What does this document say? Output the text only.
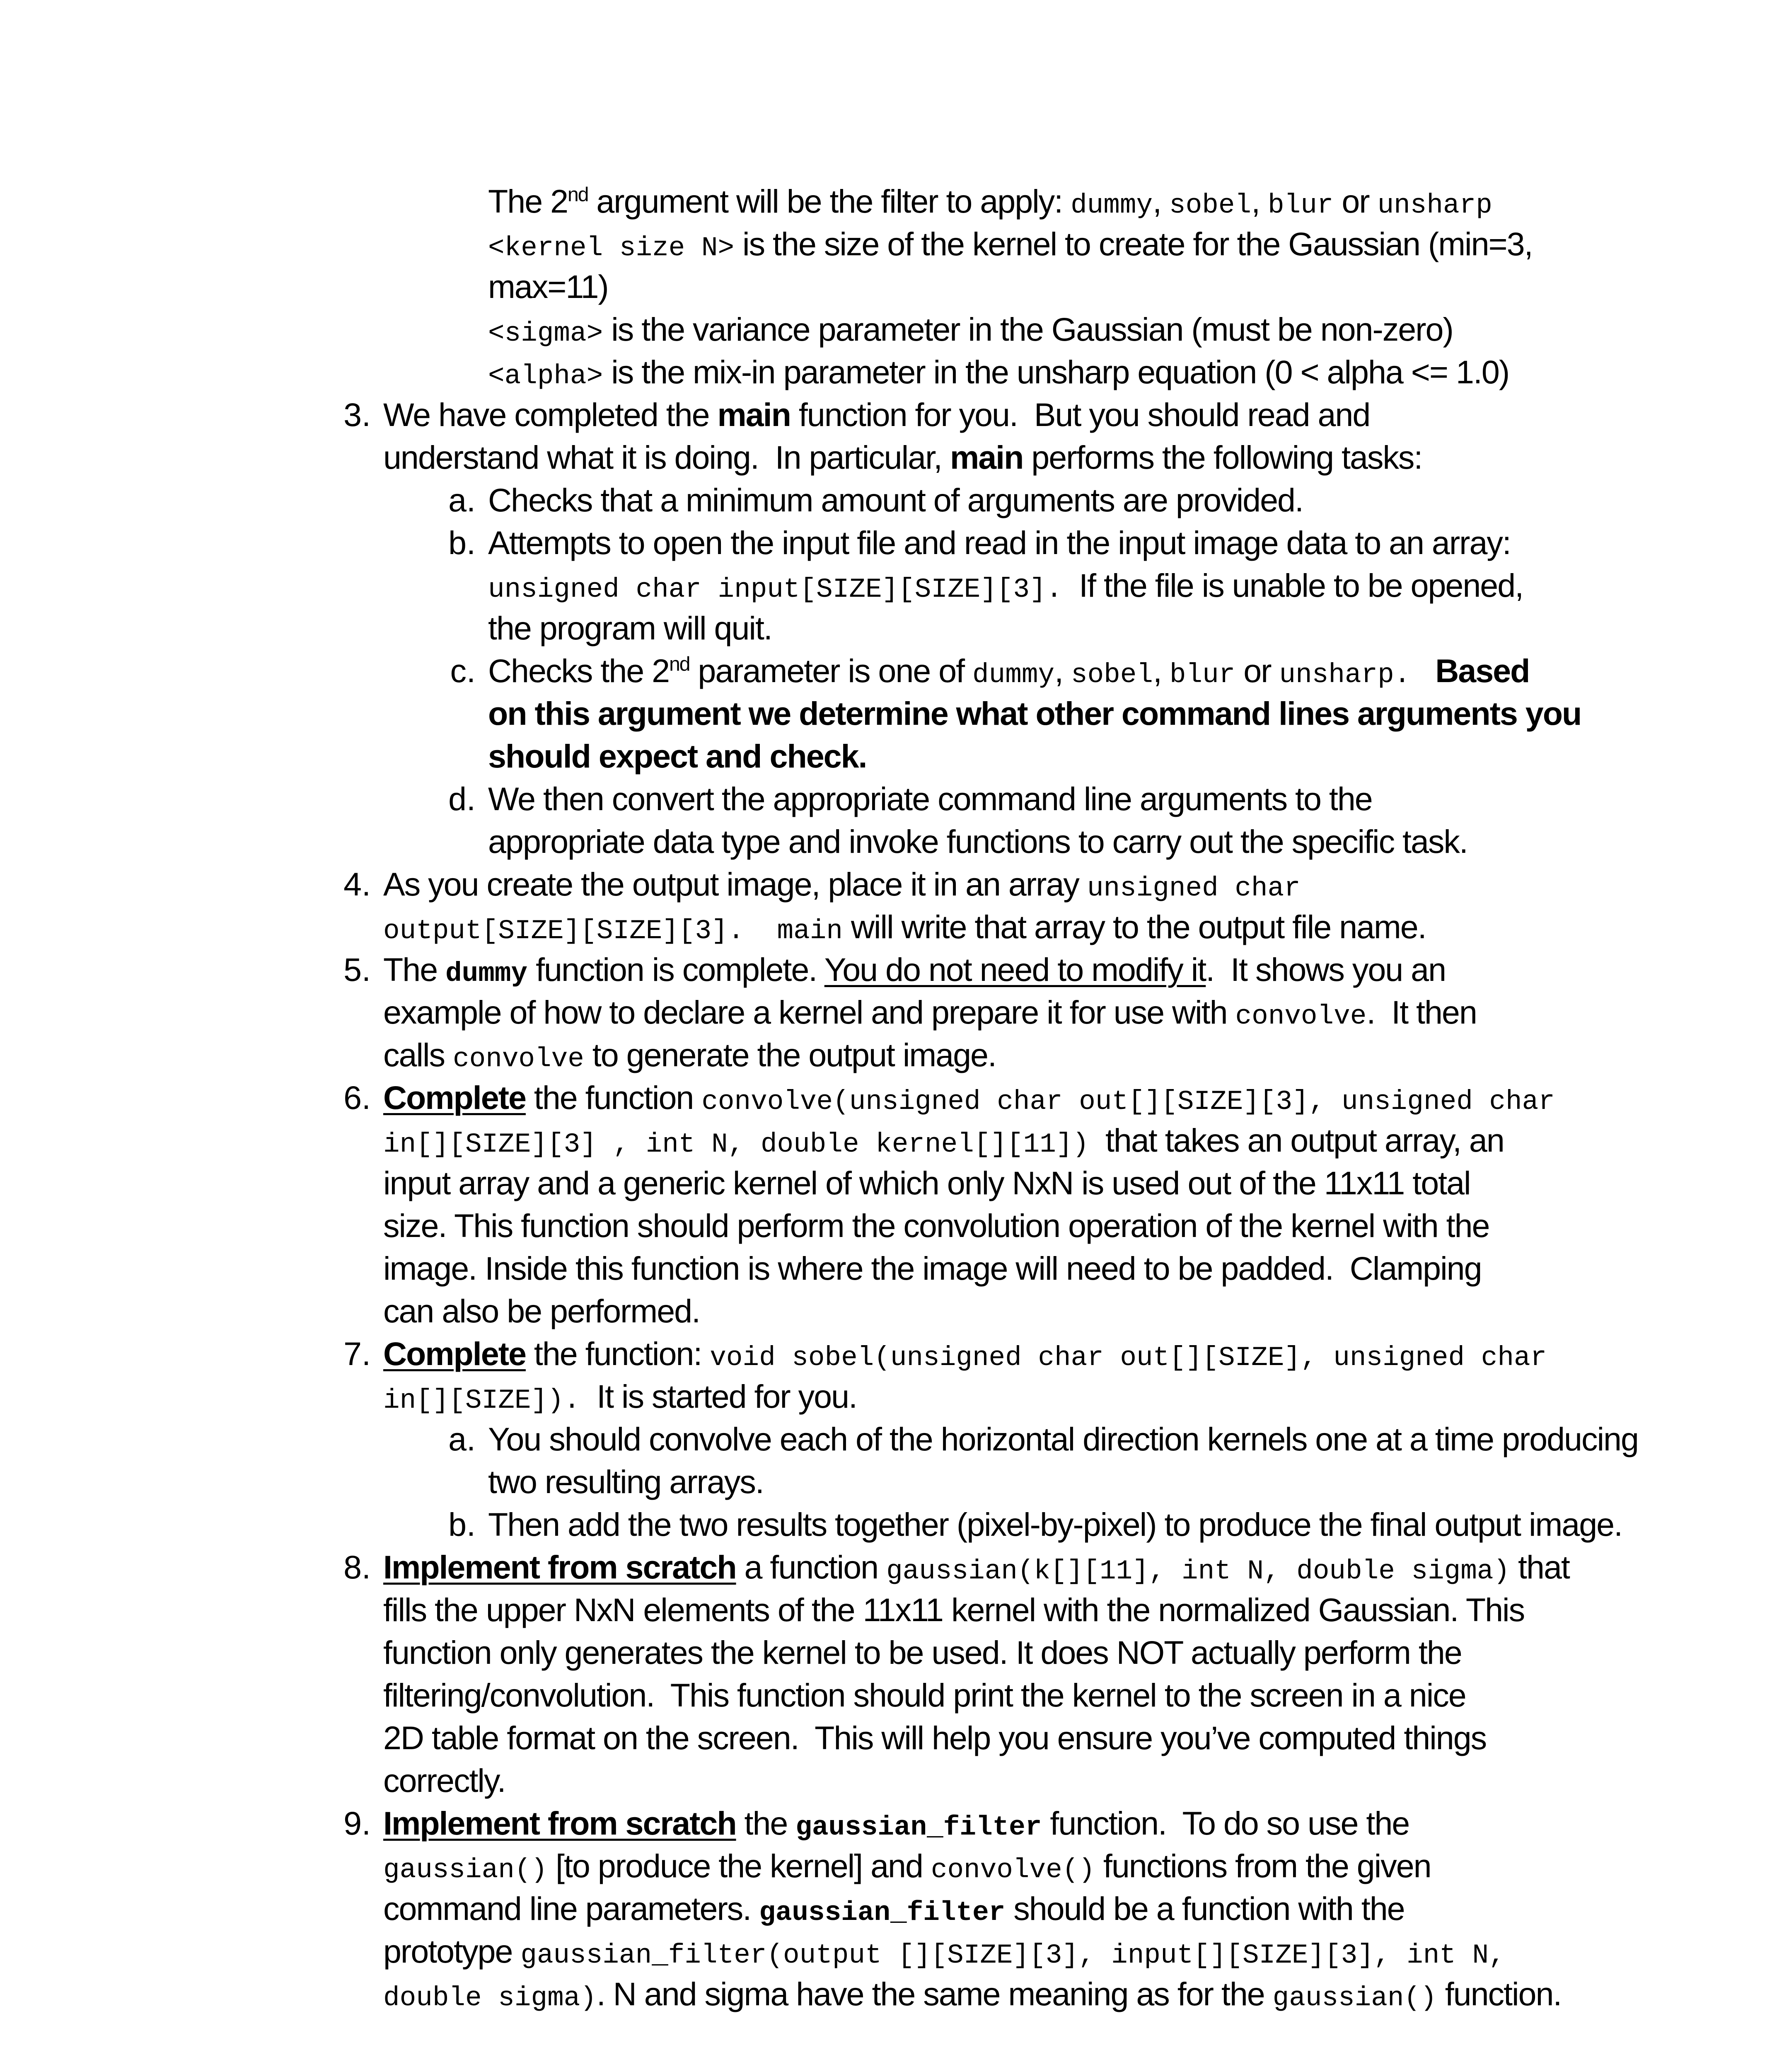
The 2nd argument will be the filter to apply: dummy, sobel, blur or unsharp
<kernel size N> is the size of the kernel to create for the Gaussian (min=3,
max=11)
<sigma> is the variance parameter in the Gaussian (must be non-zero)
<alpha> is the mix-in parameter in the unsharp equation (0 < alpha <= 1.0)
3. We have completed the main function for you.  But you should read and
understand what it is doing.  In particular, main performs the following tasks:
a. Checks that a minimum amount of arguments are provided.
b. Attempts to open the input file and read in the input image data to an array:
unsigned char input[SIZE][SIZE][3].  If the file is unable to be opened,
the program will quit.
c. Checks the 2nd parameter is one of dummy, sobel, blur or unsharp. Based
on this argument we determine what other command lines arguments you
should expect and check.
d. We then convert the appropriate command line arguments to the
appropriate data type and invoke functions to carry out the specific task.
4. As you create the output image, place it in an array unsigned char
output[SIZE][SIZE][3].  main will write that array to the output file name.
5. The dummy function is complete. You do not need to modify it.  It shows you an
example of how to declare a kernel and prepare it for use with convolve.  It then
calls convolve to generate the output image.
6. Complete the function convolve(unsigned char out[][SIZE][3], unsigned char
in[][SIZE][3] , int N, double kernel[][11])  that takes an output array, an
input array and a generic kernel of which only NxN is used out of the 11x11 total
size. This function should perform the convolution operation of the kernel with the
image. Inside this function is where the image will need to be padded.  Clamping
can also be performed.
7. Complete the function: void sobel(unsigned char out[][SIZE], unsigned char
in[][SIZE]).  It is started for you.
a. You should convolve each of the horizontal direction kernels one at a time producing
two resulting arrays.
b. Then add the two results together (pixel-by-pixel) to produce the final output image.
8. Implement from scratch a function gaussian(k[][11], int N, double sigma) that
fills the upper NxN elements of the 11x11 kernel with the normalized Gaussian. This
function only generates the kernel to be used. It does NOT actually perform the
filtering/convolution.  This function should print the kernel to the screen in a nice
2D table format on the screen.  This will help you ensure you’ve computed things
correctly.
9. Implement from scratch the gaussian_filter function.  To do so use the
gaussian() [to produce the kernel] and convolve() functions from the given
command line parameters. gaussian_filter should be a function with the
prototype gaussian_filter(output [][SIZE][3], input[][SIZE][3], int N,
double sigma). N and sigma have the same meaning as for the gaussian() function.
